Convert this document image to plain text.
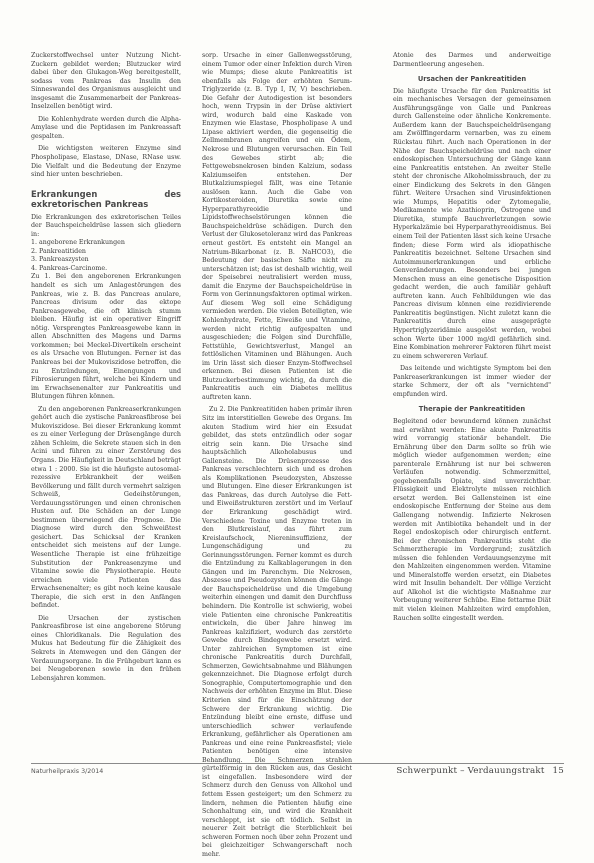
Zuckerstoffwechsel unter Nutzung Nicht-Zuckern gebildet werden; Blutzucker wird dabei über den Glukagon-Weg bereitgestellt, sodass vom Pankreas das Insulin den Sinneswandel des Organismus ausgleicht und insgesamt die Zusammenarbeit der Pankreas-Inselzellen benötigt wird.

Die Kohlenhydrate werden durch die Alpha-Amylase und die Peptidasen im Pankreassaft gespalten.

Die wichtigsten weiteren Enzyme sind Phospholipase, Elastase, DNase, RNase usw. Die Vielfalt und die Bedeutung der Enzyme sind hier unten beschrieben.

Erkrankungen des exkretorischen Pankreas

Die Erkrankungen des exkretorischen Teiles der Bauchspeicheldrüse lassen sich gliedern in:

1. angeborene Erkrankungen
2. Pankreatitiden
3. Pankreaszysten
4. Pankreas-Carcinome.

Zu 1. Bei den angeborenen Erkrankungen handelt es sich um Anlagestörungen des Pankreas, wie z. B. das Pancreas anulare, Pancreas divisum oder das ektope Pankreasgewebe, die oft klinisch stumm bleiben. Häufig ist ein operativer Eingriff nötig. Versprengtes Pankreasgewebe kann in allen Abschnitten des Magens und Darms vorkommen; bei Meckel-Divertikeln erscheint es als Ursache von Blutungen. Ferner ist das Pankreas bei der Mukoviszidose betroffen, die zu Entzündungen, Einengungen und Fibrosierungen führt, welche bei Kindern und im Erwachsenenalter zur Pankreatitis und Blutungen führen können.

Zu den angeborenen Pankreaserkrankungen gehört auch die zystische Pankreasfibrose bei Mukoviszidose. Bei dieser Erkrankung kommt es zu einer Verlegung der Drüsengänge durch zähen Schleim, die Sekrete stauen sich in den Acini und führen zu einer Zerstörung des Organs. Die Häufigkeit in Deutschland beträgt etwa 1 : 2000. Sie ist die häufigste autosomal-rezessive Erbkrankheit der weißen Bevölkerung und fällt durch vermehrt salzigen Schweiß, Gedeihstörungen, Verdauungsstörungen und einen chronischen Husten auf. Die Schäden an der Lunge bestimmen überwiegend die Prognose. Die Diagnose wird durch den Schweißtest gesichert. Das Schicksal der Kranken entscheidet sich meistens auf der Lunge. Wesentliche Therapie ist eine frühzeitige Substitution der Pankreasenzyme und Vitamine sowie die Physiotherapie. Heute erreichen viele Patienten das Erwachsenenalter; es gibt noch keine kausale Therapie, die sich erst in den Anfängen befindet.

Die Ursachen der zystischen Pankreasfibrose ist eine angeborene Störung eines Chloridkanals. Die Regulation des Mukus hat Bedeutung für die Zähigkeit des Sekrets in Atemwegen und den Gängen der Verdauungsorgane. In die Frühgeburt kann es bei Neugeborenen sowie in den frühen Lebensjahren kommen.

sorp. Ursache in einer Gallenwegsstörung, einem Tumor oder einer Infektion durch Viren wie Mumps; diese akute Pankreatitis ist ebenfalls als Folge der erhöhten Serum-Triglyzeride (z. B. Typ I, IV, V) beschrieben. Die Gefahr der Autodigestion ist besonders hoch, wenn Trypsin in der Drüse aktiviert wird, wodurch bald eine Kaskade von Enzymen wie Elastase, Phospholipase A und Lipase aktiviert werden, die gegenseitig die Zellmembranen angreifen und ein Ödem, Nekrose und Blutungen verursachen. Ein Teil des Gewebes stirbt ab; die Fettgewebsnekrosen binden Kalzium, sodass Kalziumseifen entstehen. Der Blutkalziumspiegel fällt, was eine Tetanie auslösen kann. Auch die Gabe von Kortikosteroiden, Diuretika sowie eine Hyperparathyreoidie und Lipidstoffwechselstörungen können die Bauchspeicheldrüse schädigen. Durch den Verlust der Glukosetoleranz wird das Pankreas erneut gestört. Es entsteht ein Mangel an Natrium-Bikarbonat (z. B. NaHCO3), die Bedeutung der basischen Säfte nicht zu unterschätzen ist; das ist deshalb wichtig, weil der Speisebrei neutralisiert werden muss, damit die Enzyme der Bauchspeicheldrüse in Form von Gerinnungsfaktoren optimal wirken. Auf diesem Weg soll eine Schädigung vermieden werden. Die vielen Beteiligten, wie Kohlenhydrate, Fette, Eiweiße und Vitamine, werden nicht richtig aufgespalten und ausgeschieden; die Folgen sind Durchfälle, Fettstühle, Gewichtsverlust, Mangel an fettlöslichen Vitaminen und Blähungen. Auch im Urin lässt sich dieser Enzym-Stoffwechsel erkennen. Bei diesen Patienten ist die Blutzuckerbestimmung wichtig, da durch die Pankreatitis auch ein Diabetes mellitus auftreten kann.

Zu 2. Die Pankreatitiden haben primär ihren Sitz im interstitiellen Gewebe des Organs. Im akuten Stadium wird hier ein Exsudat gebildet, das stets entzündlich oder sogar eitrig sein kann. Die Ursache sind hauptsächlich Alkoholabusus und Gallensteine. Die Drüsenprozesse des Pankreas verschlechtern sich und es drohen als Komplikationen Pseudozysten, Abszesse und Blutungen. Eine dieser Erkrankungen ist das Pankreas, das durch Autolyse die Fett- und Eiweißstrukturen zerstört und im Verlauf der Erkrankung geschädigt wird. Verschiedene Toxine und Enzyme treten in den Blutkreislauf, das führt zum Kreislaufschock, Niereninsuffizienz, der Lungenschädigung und zu Gerinnungsstörungen. Ferner kommt es durch die Entzündung zu Kalkablagerungen in den Gängen und im Parenchym. Die Nekrosen, Abszesse und Pseudozysten können die Gänge der Bauchspeicheldrüse und die Umgebung weiterhin einengen und damit den Durchfluss behindern. Die Kontrolle ist schwierig, wobei viele Patienten eine chronische Pankreatitis entwickeln, die über Jahre hinweg im Pankreas kalzifiziert, wodurch das zerstörte Gewebe durch Bindegewebe ersetzt wird. Unter zahlreichen Symptomen ist eine chronische Pankreatitis durch Durchfall, Schmerzen, Gewichtsabnahme und Blähungen gekennzeichnet. Die Diagnose erfolgt durch Sonographie, Computertomographie und den Nachweis der erhöhten Enzyme im Blut. Diese Kriterien sind für die Einschätzung der Schwere der Erkrankung wichtig. Die Entzündung bleibt eine ernste, diffuse und unterschiedlich schwer verlaufende Erkrankung, gefährlicher als Operationen am Pankreas und eine reine Pankreasfistel; viele Patienten benötigen eine intensive Behandlung. Die Schmerzen strahlen gürtelförmig in den Rücken aus, das Gesicht ist eingefallen. Insbesondere wird der Schmerz durch den Genuss von Alkohol und fettem Essen gesteigert; um den Schmerz zu lindern, nehmen die Patienten häufig eine Schonhaltung ein, und wird die Krankheit verschleppt, ist sie oft tödlich. Selbst in neuerer Zeit beträgt die Sterblichkeit bei schweren Formen noch über zehn Prozent und bei gleichzeitiger Schwangerschaft noch mehr.

Atonie des Darmes und anderweitige Darmentleerung angesehen.

Ursachen der Pankreatitiden

Die häufigste Ursache für den Pankreatitis ist ein mechanisches Versagen der gemeinsamen Ausführungsgänge von Galle und Pankreas durch Gallensteine oder ähnliche Konkremente. Außerdem kann der Bauchspeicheldrüsengang am Zwölffingerdarm vernarben, was zu einem Rückstau führt. Auch nach Operationen in der Nähe der Bauchspeicheldrüse und nach einer endoskopischen Untersuchung der Gänge kann eine Pankreatitis entstehen. An zweiter Stelle steht der chronische Alkoholmissbrauch, der zu einer Eindickung des Sekrets in den Gängen führt. Weitere Ursachen sind Virusinfektionen wie Mumps, Hepatitis oder Zytomegalie, Medikamente wie Azathioprin, Östrogene und Diuretika, stumpfe Bauchverletzungen sowie Hyperkalzämie bei Hyperparathyreoidismus. Bei einem Teil der Patienten lässt sich keine Ursache finden; diese Form wird als idiopathische Pankreatitis bezeichnet. Seltene Ursachen sind Autoimmunerkrankungen und erbliche Genveränderungen. Besonders bei jungen Menschen muss an eine genetische Disposition gedacht werden, die auch familiär gehäuft auftreten kann. Auch Fehlbildungen wie das Pancreas divisum können eine rezidivierende Pankreatitis begünstigen. Nicht zuletzt kann die Pankreatitis durch eine ausgeprägte Hypertriglyzeridämie ausgelöst werden, wobei schon Werte über 1000 mg/dl gefährlich sind. Eine Kombination mehrerer Faktoren führt meist zu einem schwereren Verlauf.

Das leitende und wichtigste Symptom bei den Pankreaserkrankungen ist immer wieder der starke Schmerz, der oft als "vernichtend" empfunden wird.

Therapie der Pankreatitiden

Begleitend oder bewundernd können zunächst mal erwähnt werden: Eine akute Pankreatitis wird vorrangig stationär behandelt. Die Ernährung über den Darm sollte so früh wie möglich wieder aufgenommen werden; eine parenterale Ernährung ist nur bei schweren Verläufen notwendig. Schmerzmittel, gegebenenfalls Opiate, sind unverzichtbar. Flüssigkeit und Elektrolyte müssen reichlich ersetzt werden. Bei Gallensteinen ist eine endoskopische Entfernung der Steine aus dem Gallengang notwendig. Infizierte Nekrosen werden mit Antibiotika behandelt und in der Regel endoskopisch oder chirurgisch entfernt. Bei der chronischen Pankreatitis steht die Schmerztherapie im Vordergrund; zusätzlich müssen die fehlenden Verdauungsenzyme mit den Mahlzeiten eingenommen werden. Vitamine und Mineralstoffe werden ersetzt, ein Diabetes wird mit Insulin behandelt. Der völlige Verzicht auf Alkohol ist die wichtigste Maßnahme zur Vorbeugung weiterer Schübe. Eine fettarme Diät mit vielen kleinen Mahlzeiten wird empfohlen, Rauchen sollte eingestellt werden.

Naturheilpraxis 3/2014	Schwerpunkt – Verdauungstrakt 15
